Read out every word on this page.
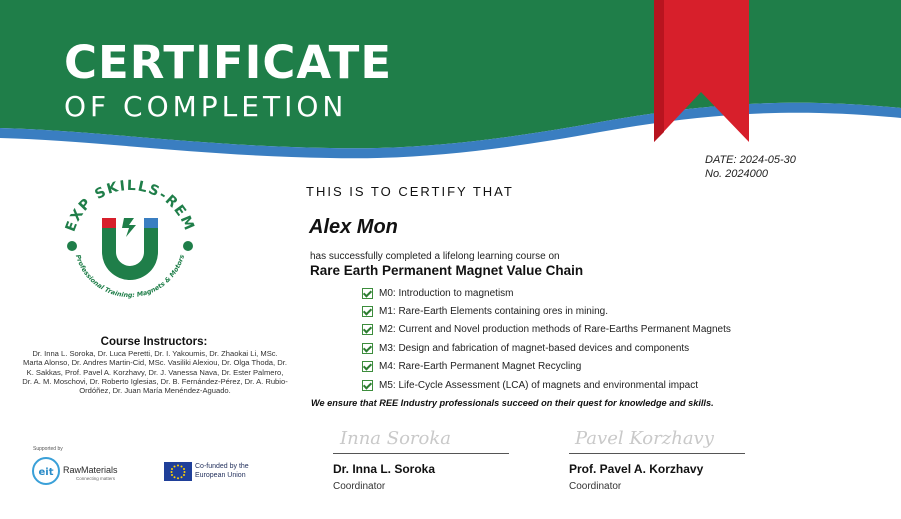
CERTIFICATE
OF COMPLETION
DATE: 2024-05-30
No. 2024000
EXP SKILLS-REM
Professional Training: Magnets & Motors
Course Instructors:
Dr. Inna L. Soroka, Dr. Luca Peretti, Dr. I. Yakoumis, Dr. Zhaokai Li, MSc. Marta Alonso, Dr. Andres Martin-Cid, MSc. Vasiliki Alexiou, Dr. Olga Thoda, Dr. K. Sakkas, Prof. Pavel A. Korzhavy, Dr. J. Vanessa Nava, Dr. Ester Palmero, Dr. A. M. Moschovi, Dr. Roberto Iglesias, Dr. B. Fernández-Pérez, Dr. A. Rubio-Ordóñez, Dr. Juan María Menéndez-Aguado.
THIS IS TO CERTIFY THAT
Alex Mon
has successfully completed a lifelong learning course on
Rare Earth Permanent Magnet Value Chain
M0: Introduction to magnetism
M1: Rare-Earth Elements containing ores in mining.
M2: Current and Novel production methods of Rare-Earths Permanent Magnets
M3: Design and fabrication of magnet-based devices and components
M4: Rare-Earth Permanent Magnet Recycling
M5: Life-Cycle Assessment (LCA) of magnets and environmental impact
We ensure that REE Industry professionals succeed on their quest for knowledge and skills.
Inna Soroka
Dr. Inna L. Soroka
Coordinator
Pavel Korzhavy
Prof. Pavel A. Korzhavy
Coordinator
Supported by
eit RawMaterials
Connecting matters
Co-funded by the European Union
